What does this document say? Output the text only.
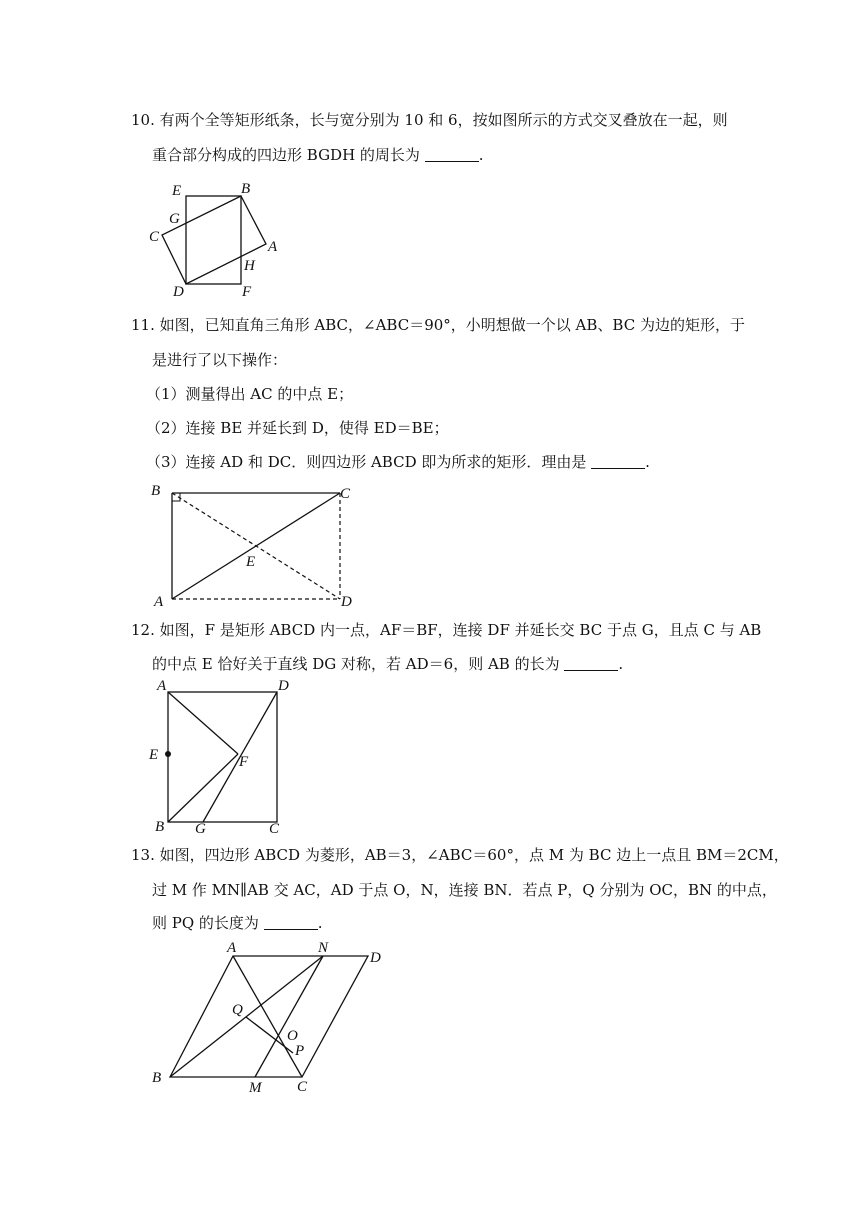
10. 有两个全等矩形纸条，长与宽分别为 10 和 6，按如图所示的方式交叉叠放在一起，则
重合部分构成的四边形 BGDH 的周长为	.
E	B
G
C
A
H
D	F
11. 如图，已知直角三角形 ABC，∠ABC＝90°，小明想做一个以 AB、BC 为边的矩形，于
是进行了以下操作：
（1）测量得出 AC 的中点 E；
（2）连接 BE 并延长到 D，使得 ED＝BE；
（3）连接 AD 和 DC．则四边形 ABCD 即为所求的矩形．理由是	.
B	C
E
A	D
12. 如图，F 是矩形 ABCD 内一点，AF＝BF，连接 DF 并延长交 BC 于点 G，且点 C 与 AB
的中点 E 恰好关于直线 DG 对称，若 AD＝6，则 AB 的长为	.
A	D
E	F
B G	C
13. 如图，四边形 ABCD 为菱形，AB＝3，∠ABC＝60°，点 M 为 BC 边上一点且 BM＝2CM，
过 M 作 MN∥AB 交 AC，AD 于点 O，N，连接 BN．若点 P，Q 分别为 OC，BN 的中点，
则 PQ 的长度为	.
A	N
D
Q
O
P
B
M C
